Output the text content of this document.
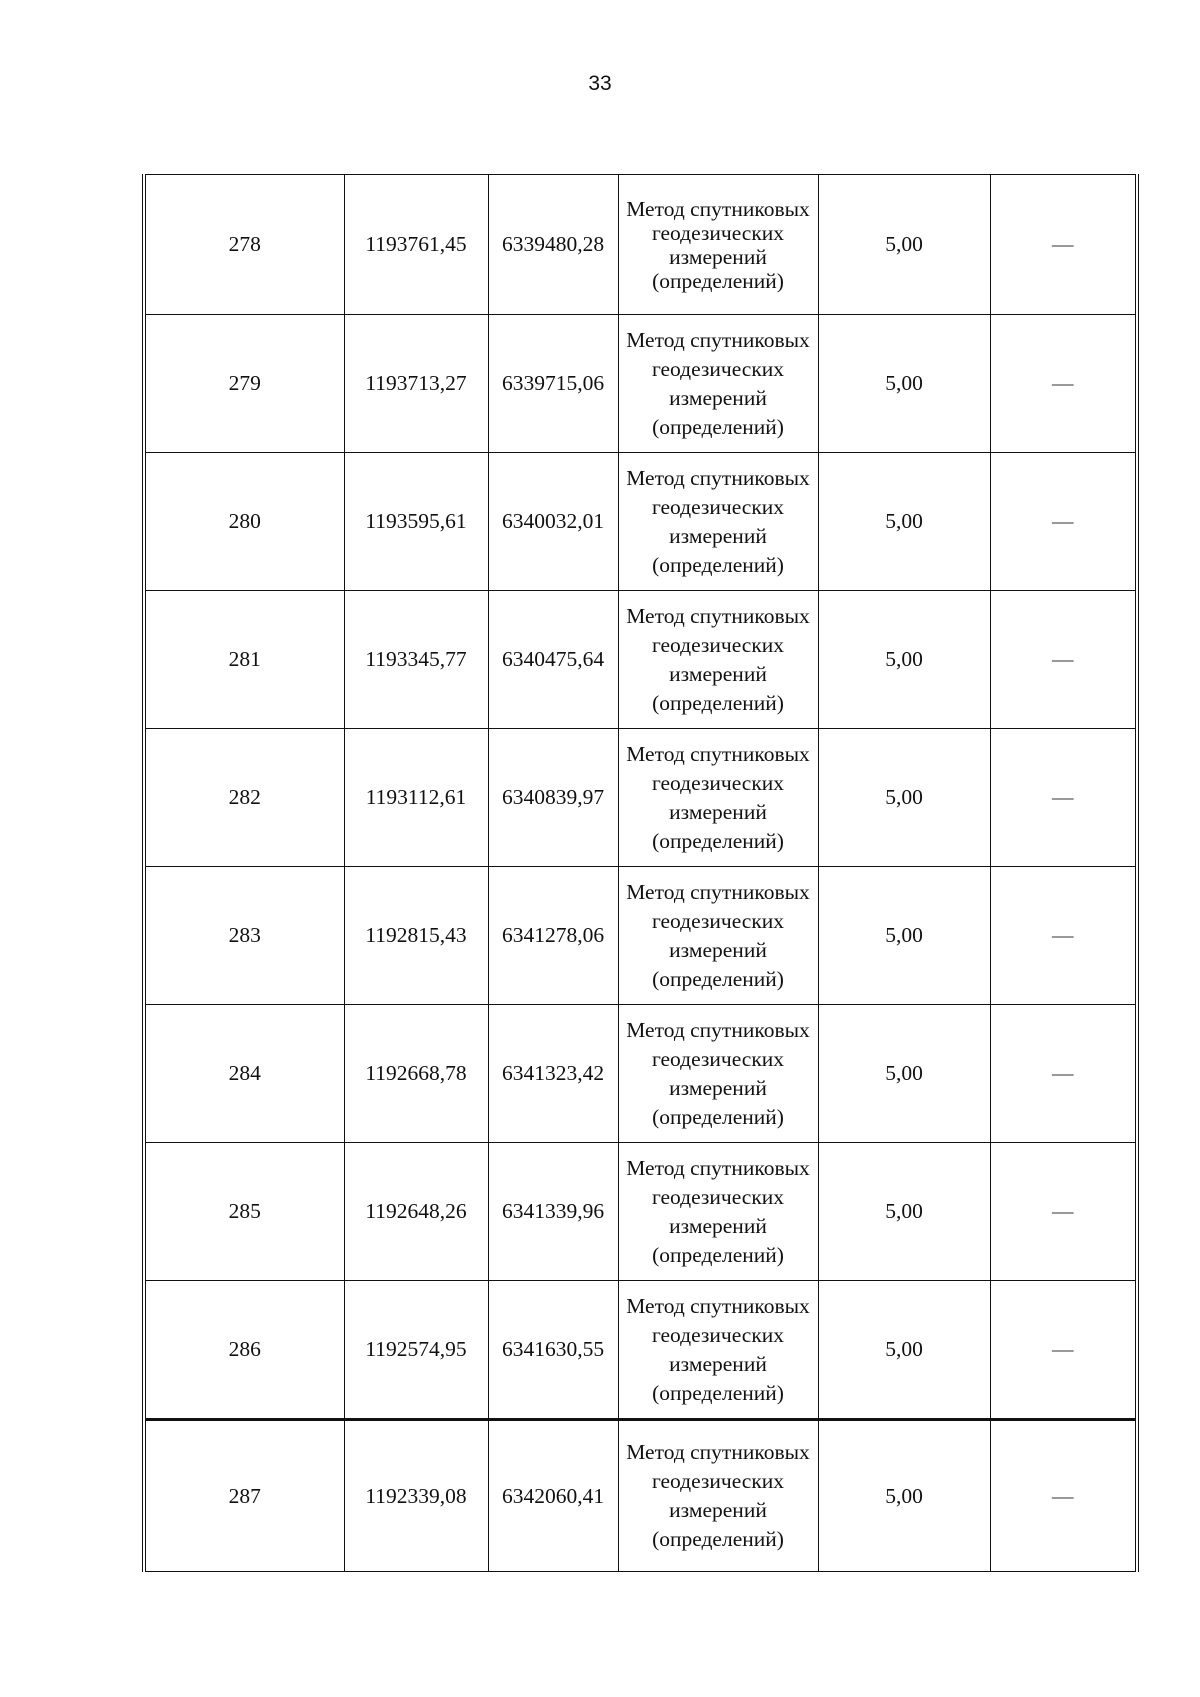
33
278	1193761,45	6339480,28	Метод спутниковых геодезических измерений (определений)	5,00	—
279	1193713,27	6339715,06	Метод спутниковых геодезических измерений (определений)	5,00	—
280	1193595,61	6340032,01	Метод спутниковых геодезических измерений (определений)	5,00	—
281	1193345,77	6340475,64	Метод спутниковых геодезических измерений (определений)	5,00	—
282	1193112,61	6340839,97	Метод спутниковых геодезических измерений (определений)	5,00	—
283	1192815,43	6341278,06	Метод спутниковых геодезических измерений (определений)	5,00	—
284	1192668,78	6341323,42	Метод спутниковых геодезических измерений (определений)	5,00	—
285	1192648,26	6341339,96	Метод спутниковых геодезических измерений (определений)	5,00	—
286	1192574,95	6341630,55	Метод спутниковых геодезических измерений (определений)	5,00	—
287	1192339,08	6342060,41	Метод спутниковых геодезических измерений (определений)	5,00	—
